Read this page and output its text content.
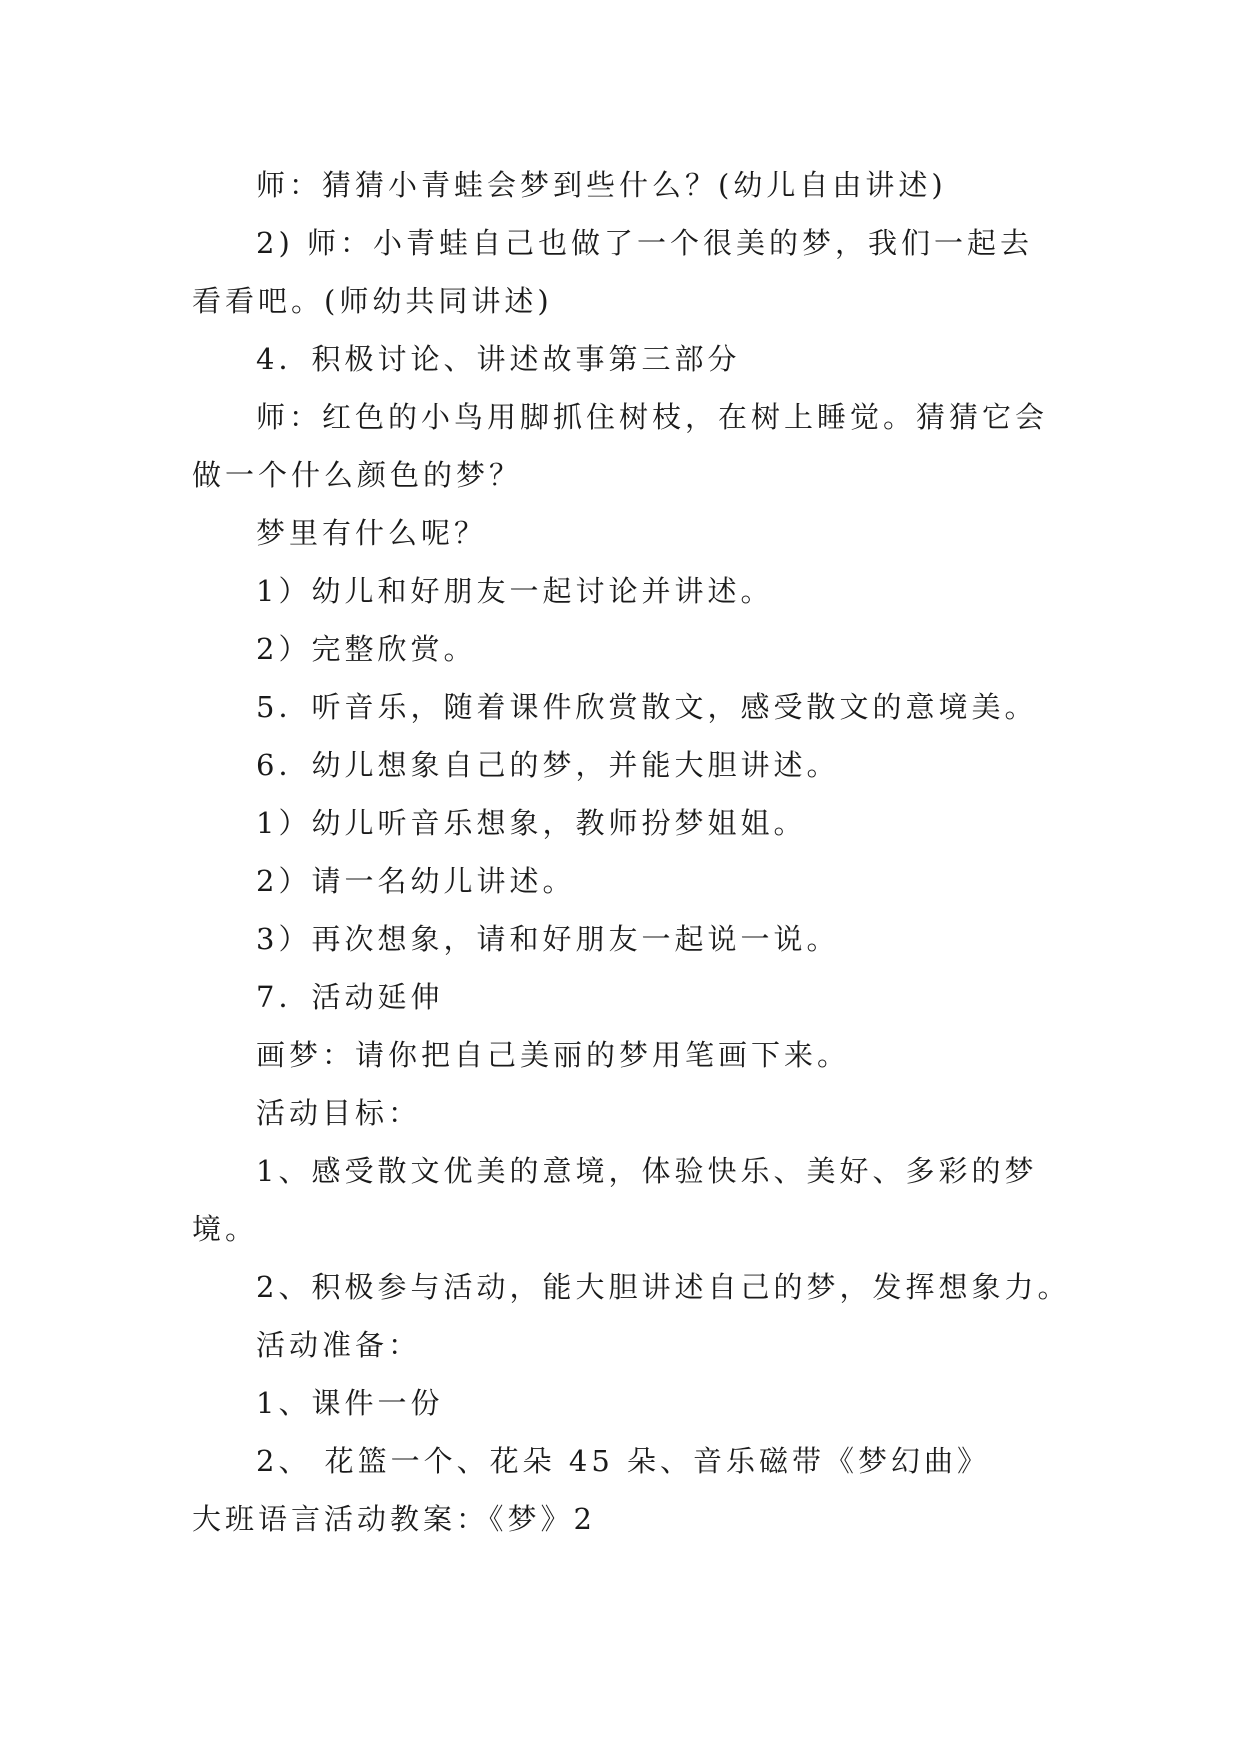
师：猜猜小青蛙会梦到些什么？(幼儿自由讲述)
2) 师：小青蛙自己也做了一个很美的梦，我们一起去
看看吧。(师幼共同讲述)
4．积极讨论、讲述故事第三部分
师：红色的小鸟用脚抓住树枝，在树上睡觉。猜猜它会
做一个什么颜色的梦？
梦里有什么呢？
1）幼儿和好朋友一起讨论并讲述。
2）完整欣赏。
5．听音乐，随着课件欣赏散文，感受散文的意境美。
6．幼儿想象自己的梦，并能大胆讲述。
1）幼儿听音乐想象，教师扮梦姐姐。
2）请一名幼儿讲述。
3）再次想象，请和好朋友一起说一说。
7．活动延伸
画梦：请你把自己美丽的梦用笔画下来。
活动目标：
1、感受散文优美的意境，体验快乐、美好、多彩的梦
境。
2、积极参与活动，能大胆讲述自己的梦，发挥想象力。
活动准备：
1、课件一份
2、 花篮一个、花朵 45 朵、音乐磁带《梦幻曲》
大班语言活动教案：《梦》2
